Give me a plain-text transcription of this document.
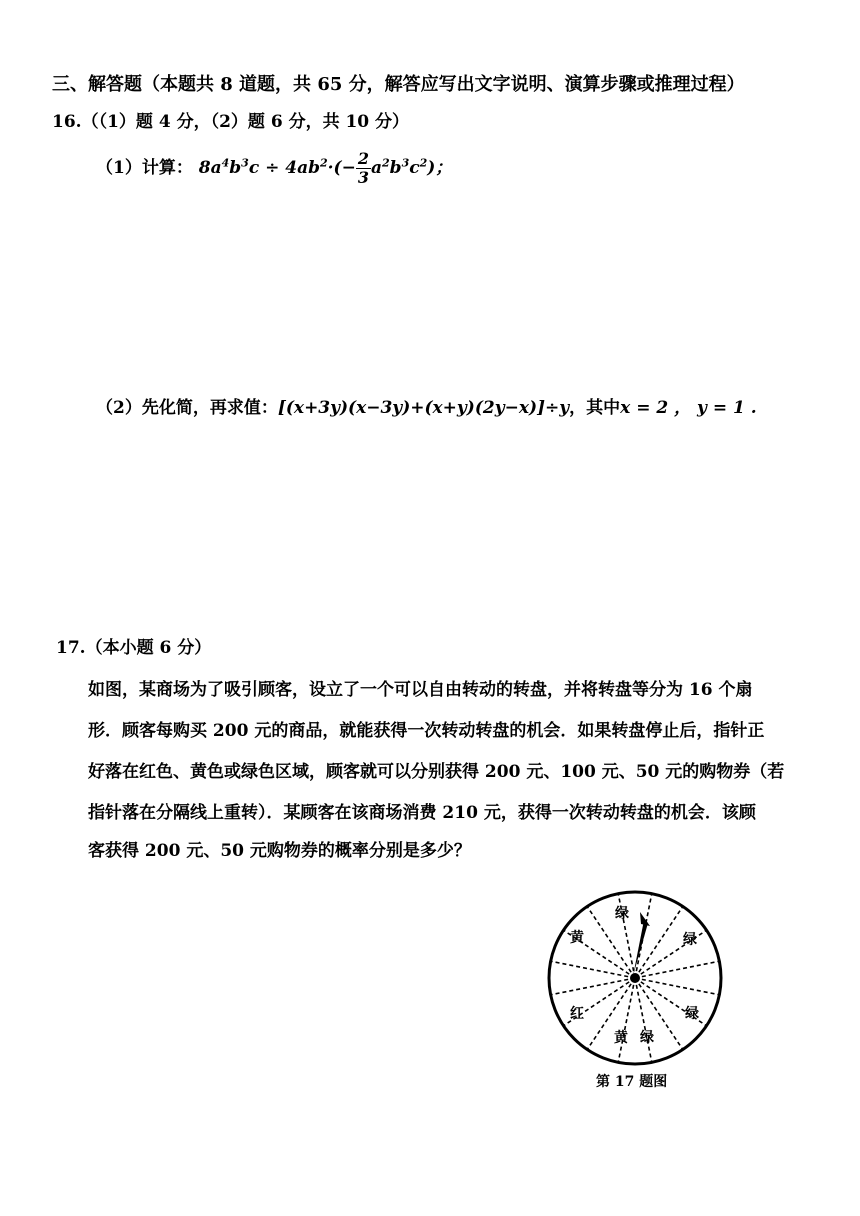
三、解答题（本题共 8 道题，共 65 分，解答应写出文字说明、演算步骤或推理过程）
16.（（1）题 4 分，（2）题 6 分，共 10 分）
（1）计算： $8a^4b^3c \div 4ab^2\cdot(- \frac{2}{3} a^2b^3c^2)$；
（2）先化简，再求值：[(x+3y)(x−3y)+(x+y)(2y−x)]÷y，其中x = 2 ， y = 1 .
17.（本小题 6 分）
如图，某商场为了吸引顾客，设立了一个可以自由转动的转盘，并将转盘等分为 16 个扇
形．顾客每购买 200 元的商品，就能获得一次转动转盘的机会．如果转盘停止后，指针正
好落在红色、黄色或绿色区域，顾客就可以分别获得 200 元、100 元、50 元的购物券（若
指针落在分隔线上重转）．某顾客在该商场消费 210 元，获得一次转动转盘的机会．该顾
客获得 200 元、50 元购物券的概率分别是多少？
绿
黄	绿
红	绿
黄 绿
第 17 题图
